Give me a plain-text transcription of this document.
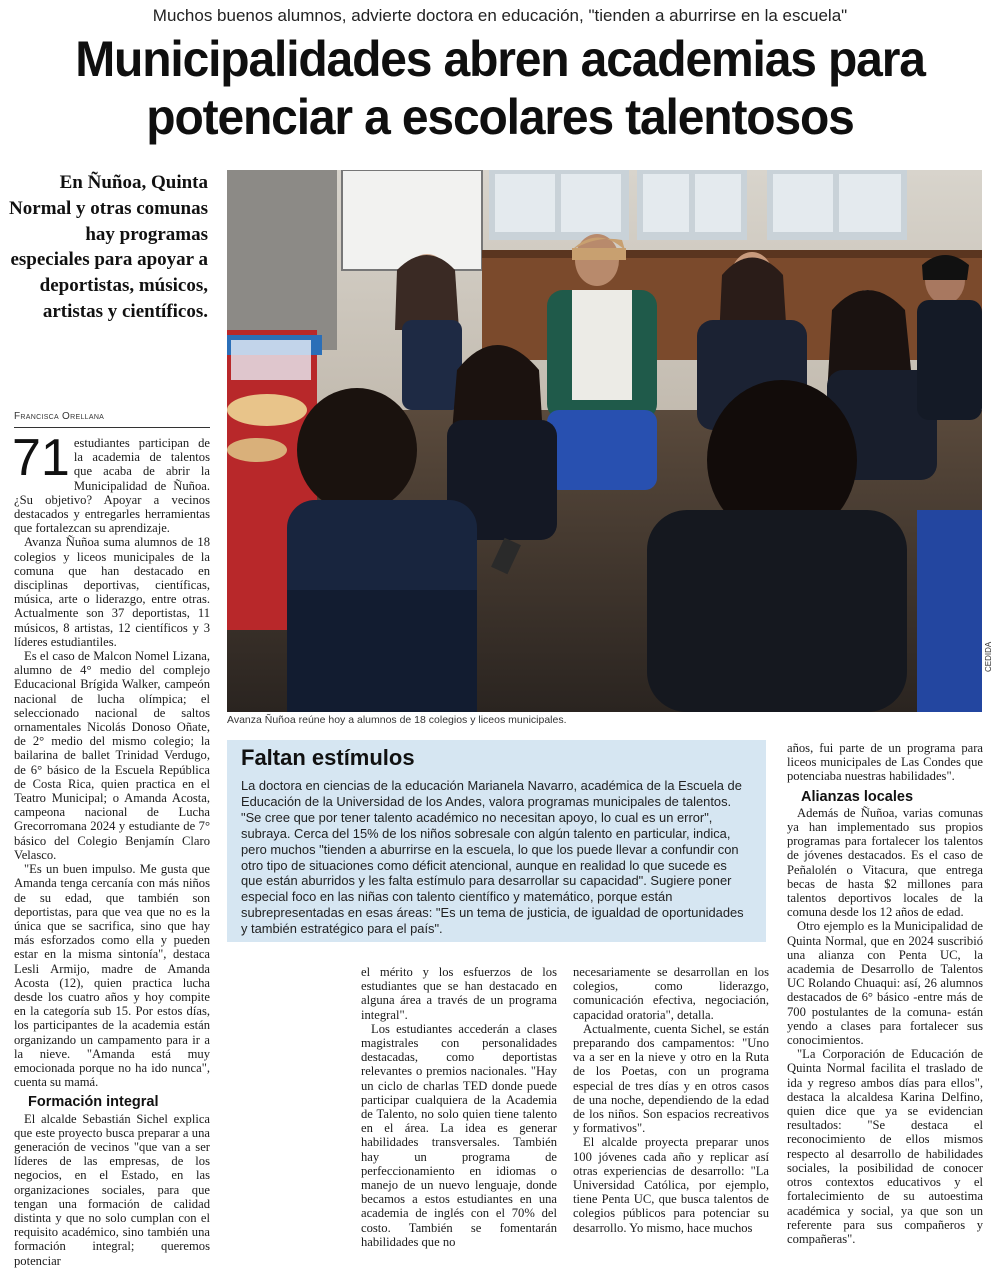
Muchos buenos alumnos, advierte doctora en educación, "tienden a aburrirse en la escuela"
Municipalidades abren academias para
potenciar a escolares talentosos
En Ñuñoa, Quinta Normal y otras comunas hay programas especiales para apoyar a deportistas, músicos, artistas y científicos.
Francisca Orellana

71 estudiantes participan de la academia de talentos que acaba de abrir la Municipalidad de Ñuñoa. ¿Su objetivo? Apoyar a vecinos destacados y entregarles herramientas que fortalezcan su aprendizaje.

Avanza Ñuñoa suma alumnos de 18 colegios y liceos municipales de la comuna que han destacado en disciplinas deportivas, científicas, música, arte o liderazgo, entre otras. Actualmente son 37 deportistas, 11 músicos, 8 artistas, 12 científicos y 3 líderes estudiantiles.

Es el caso de Malcon Nomel Lizana, alumno de 4° medio del complejo Educacional Brígida Walker, campeón nacional de lucha olímpica; el seleccionado nacional de saltos ornamentales Nicolás Donoso Oñate, de 2° medio del mismo colegio; la bailarina de ballet Trinidad Verdugo, de 6° básico de la Escuela República de Costa Rica, quien practica en el Teatro Municipal; o Amanda Acosta, campeona nacional de Lucha Grecorromana 2024 y estudiante de 7° básico del Colegio Benjamín Claro Velasco.

"Es un buen impulso. Me gusta que Amanda tenga cercanía con más niños de su edad, que también son deportistas, para que vea que no es la única que se sacrifica, sino que hay más esforzados como ella y pueden estar en la misma sintonía", destaca Lesli Armijo, madre de Amanda Acosta (12), quien practica lucha desde los cuatro años y hoy compite en la categoría sub 15. Por estos días, los participantes de la academia están organizando un campamento para ir a la nieve. "Amanda está muy emocionada porque no ha ido nunca", cuenta su mamá.

Formación integral

El alcalde Sebastián Sichel explica que este proyecto busca preparar a una generación de vecinos "que van a ser líderes de las empresas, de los negocios, en el Estado, en las organizaciones sociales, para que tengan una formación de calidad distinta y que no solo cumplan con el requisito académico, sino también una formación integral; queremos potenciar

CEDIDA
Avanza Ñuñoa reúne hoy a alumnos de 18 colegios y liceos municipales.
Faltan estímulos
La doctora en ciencias de la educación Marianela Navarro, académica de la Escuela de Educación de la Universidad de los Andes, valora programas municipales de talentos. "Se cree que por tener talento académico no necesitan apoyo, lo cual es un error", subraya. Cerca del 15% de los niños sobresale con algún talento en particular, indica, pero muchos "tienden a aburrirse en la escuela, lo que los puede llevar a confundir con otro tipo de situaciones como déficit atencional, aunque en realidad lo que sucede es que están aburridos y les falta estímulo para desarrollar su capacidad". Sugiere poner especial foco en las niñas con talento científico y matemático, porque están subrepresentadas en esas áreas: "Es un tema de justicia, de igualdad de oportunidades y también estratégico para el país".

el mérito y los esfuerzos de los estudiantes que se han destacado en alguna área a través de un programa integral".

Los estudiantes accederán a clases magistrales con personalidades destacadas, como deportistas relevantes o premios nacionales. "Hay un ciclo de charlas TED donde puede participar cualquiera de la Academia de Talento, no solo quien tiene talento en el área. La idea es generar habilidades transversales. También hay un programa de perfeccionamiento en idiomas o manejo de un nuevo lenguaje, donde becamos a estos estudiantes en una academia de inglés con el 70% del costo. También se fomentarán habilidades que no

necesariamente se desarrollan en los colegios, como liderazgo, comunicación efectiva, negociación, capacidad oratoria", detalla.

Actualmente, cuenta Sichel, se están preparando dos campamentos: "Uno va a ser en la nieve y otro en la Ruta de los Poetas, con un programa especial de tres días y en otros casos de una noche, dependiendo de la edad de los niños. Son espacios recreativos y formativos".

El alcalde proyecta preparar unos 100 jóvenes cada año y replicar así otras experiencias de desarrollo: "La Universidad Católica, por ejemplo, tiene Penta UC, que busca talentos de colegios públicos para potenciar su desarrollo. Yo mismo, hace muchos

años, fui parte de un programa para liceos municipales de Las Condes que potenciaba nuestras habilidades".

Alianzas locales

Además de Ñuñoa, varias comunas ya han implementado sus propios programas para fortalecer los talentos de jóvenes destacados. Es el caso de Peñalolén o Vitacura, que entrega becas de hasta $2 millones para talentos deportivos locales de la comuna desde los 12 años de edad.

Otro ejemplo es la Municipalidad de Quinta Normal, que en 2024 suscribió una alianza con Penta UC, la academia de Desarrollo de Talentos UC Rolando Chuaqui: así, 26 alumnos destacados de 6° básico -entre más de 700 postulantes de la comuna- están yendo a clases para fortalecer sus conocimientos.

"La Corporación de Educación de Quinta Normal facilita el traslado de ida y regreso ambos días para ellos", destaca la alcaldesa Karina Delfino, quien dice que ya se evidencian resultados: "Se destaca el reconocimiento de ellos mismos respecto al desarrollo de habilidades sociales, la posibilidad de conocer otros contextos educativos y el fortalecimiento de su autoestima académica y social, ya que son un referente para sus compañeros y compañeras".
